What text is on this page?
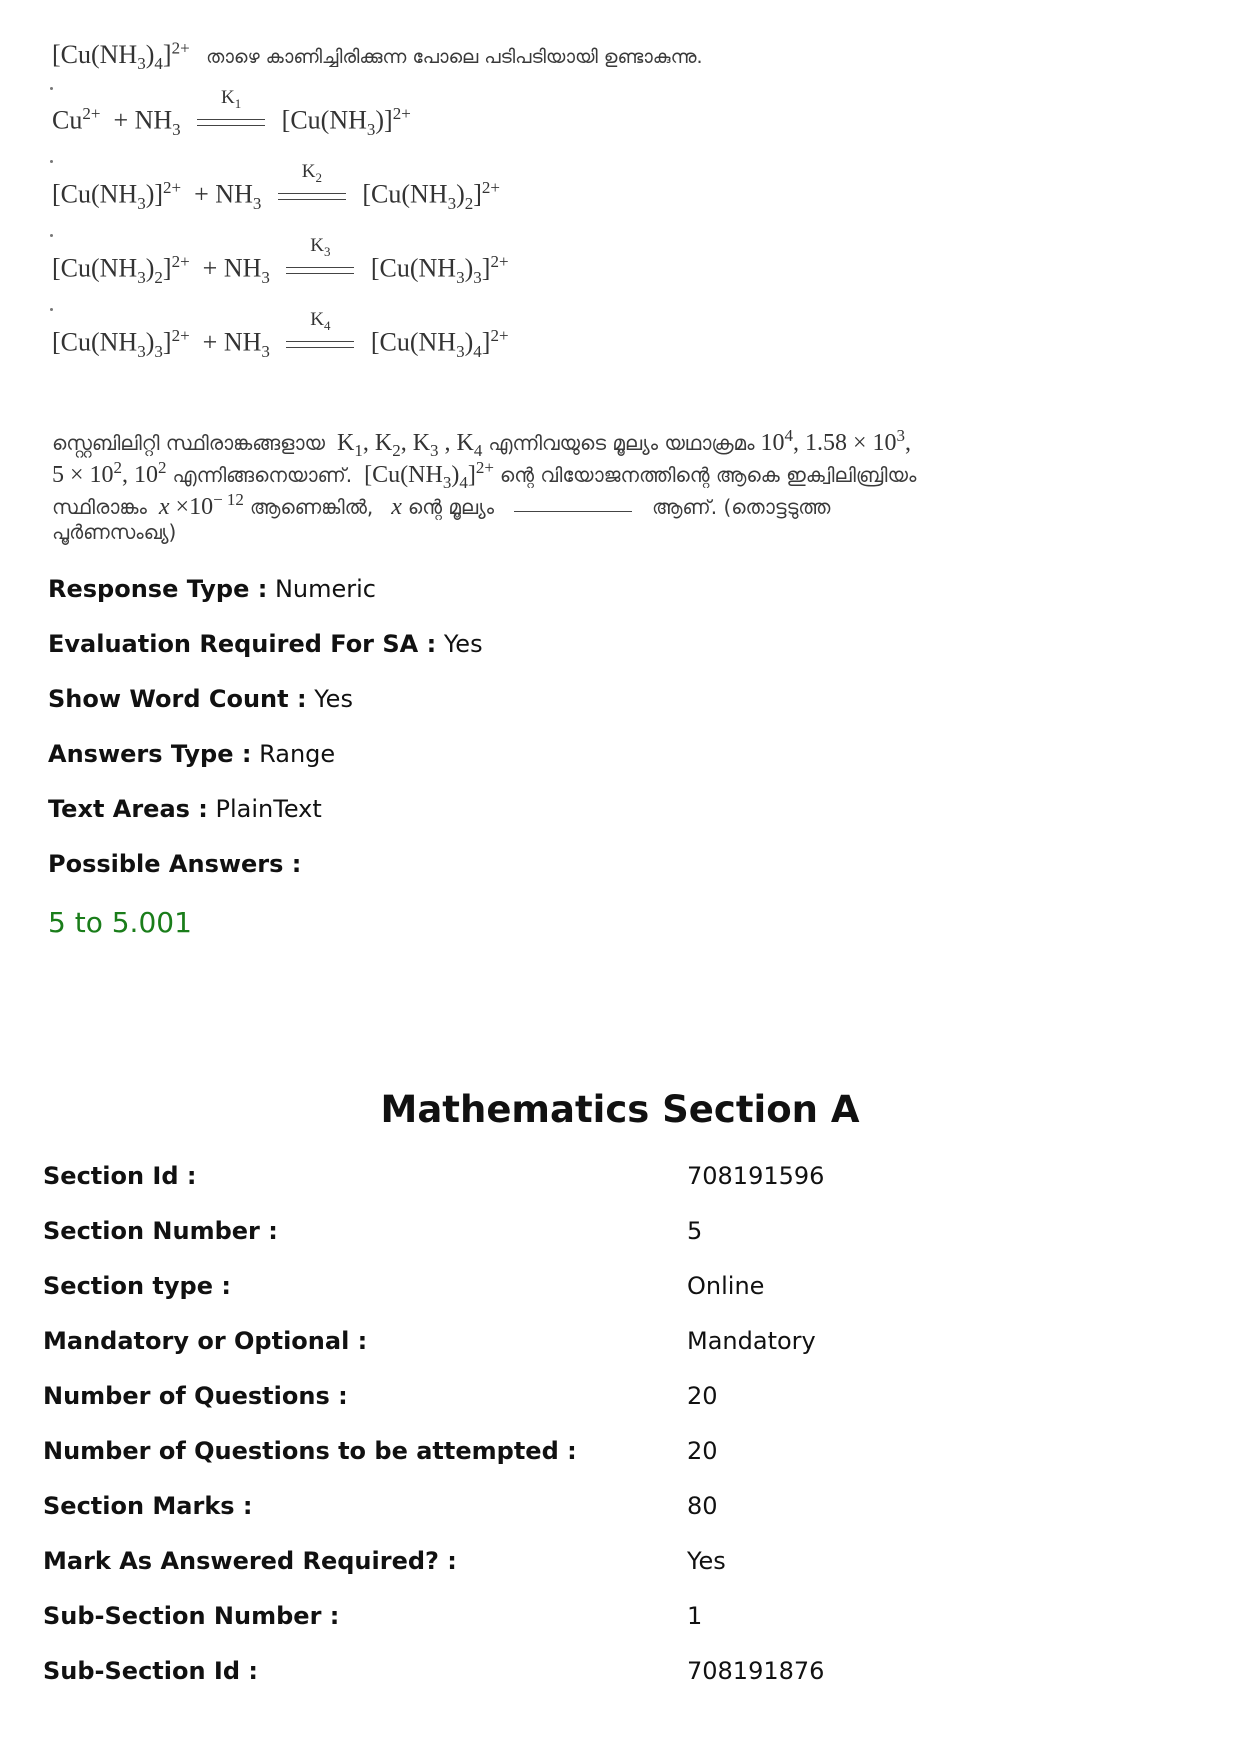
$[Cu(NH_3)_4]^{2+}$ താഴെ കാണിച്ചിരിക്കുന്ന പോലെ പടിപടിയായി ഉണ്ടാകുന്നു.
$Cu^{2+} + NH_3$
$K_1$
$[Cu(NH_3)]^{2+}$
$[Cu(NH_3)]^{2+} + NH_3$
$K_2$
$[Cu(NH_3)_2]^{2+}$
$[Cu(NH_3)_2]^{2+} + NH_3$
$K_3$
$[Cu(NH_3)_3]^{2+}$
$[Cu(NH_3)_3]^{2+} + NH_3$
$K_4$
$[Cu(NH_3)_4]^{2+}$
സ്റ്റെബിലിറ്റി സ്ഥിരാങ്കങ്ങളായ  $K_1$, $K_2$, $K_3$ , $K_4$ എന്നിവയുടെ മൂല്യം യഥാക്രമം $10^4$, $1.58 \times 10^3$,
$5 \times 10^2$, $10^2$ എന്നിങ്ങനെയാണ്.  $[Cu(NH_3)_4]^{2+}$ ന്റെ വിയോജനത്തിന്റെ ആകെ ഇക്വിലിബ്രിയം
സ്ഥിരാങ്കം $x \times 10^{- 12}$ ആണെങ്കിൽ, x ന്റെ മൂല്യം	ആണ്. (തൊട്ടടുത്ത
പൂർണസംഖ്യ)
Response Type : Numeric
Evaluation Required For SA : Yes
Show Word Count : Yes
Answers Type : Range
Text Areas : PlainText
Possible Answers :
5 to 5.001
Mathematics Section A
Section Id :	708191596
Section Number :	5
Section type :	Online
Mandatory or Optional :	Mandatory
Number of Questions :	20
Number of Questions to be attempted :	20
Section Marks :	80
Mark As Answered Required? :	Yes
Sub-Section Number :	1
Sub-Section Id :	708191876
